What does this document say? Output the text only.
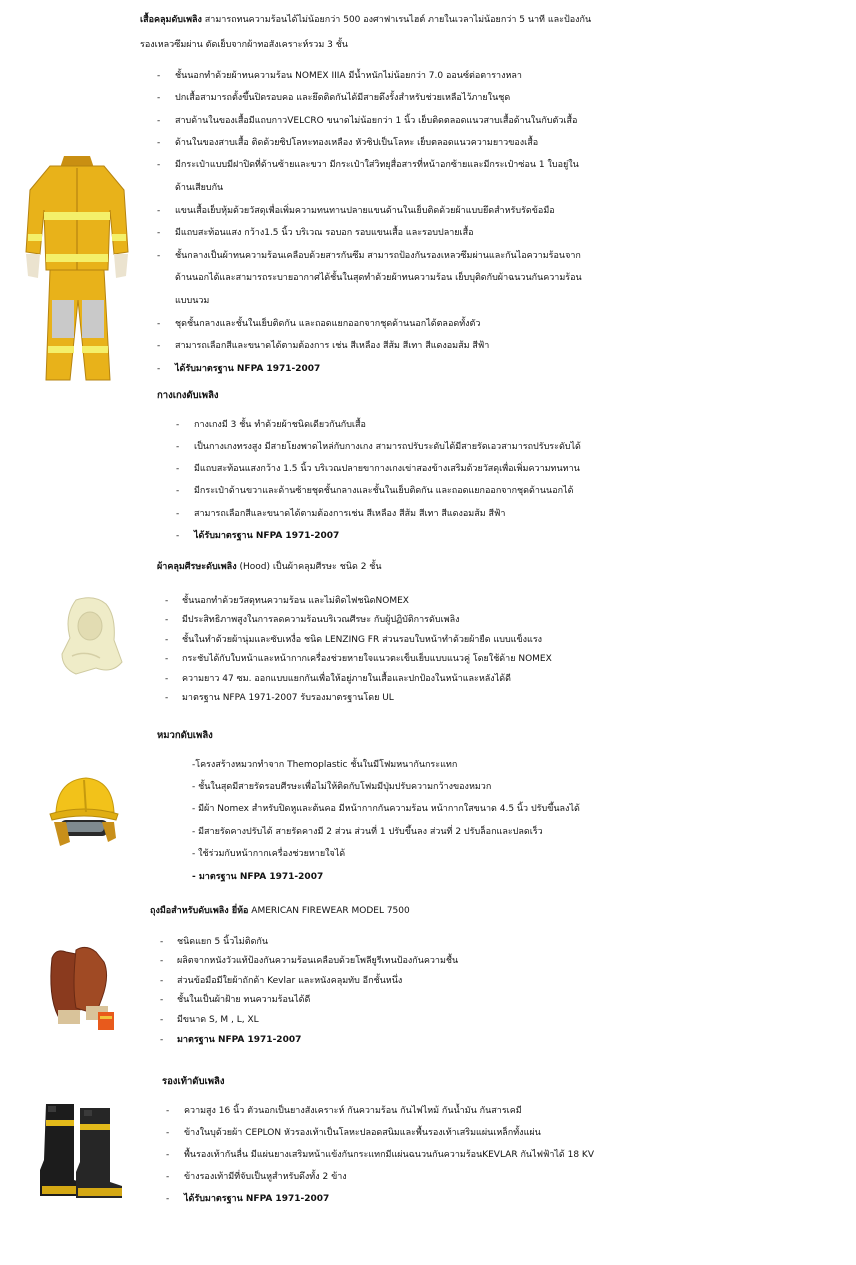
เสื้อคลุมดับเพลิง สามารถทนความร้อนได้ไม่น้อยกว่า 500 องศาฟาเรนไฮต์ ภายในเวลาไม่น้อยกว่า 5 นาที และป้องกัน
รองเหลวซึมผ่าน ตัดเย็บจากผ้าทอสังเคราะห์รวม 3 ชั้น
- ชั้นนอกทำด้วยผ้าทนความร้อน NOMEX IIIA มีน้ำหนักไม่น้อยกว่า 7.0 ออนซ์ต่อตารางหลา
- ปกเสื้อสามารถตั้งขึ้นปิดรอบคอ และยึดติดกันได้มีสายดึงรั้งสำหรับช่วยเหลือไว้ภายในชุด
- สาบด้านในของเสื้อมีแถบกาวVELCRO ขนาดไม่น้อยกว่า 1 นิ้ว เย็บติดตลอดแนวสาบเสื้อด้านในกับตัวเสื้อ
- ด้านในของสาบเสื้อ ติดด้วยซิปโลหะทองเหลือง หัวซิปเป็นโลหะ เย็บตลอดแนวความยาวของเสื้อ
- มีกระเป๋าแบบมีฝาปิดที่ด้านซ้ายและขวา มีกระเป๋าใส่วิทยุสื่อสารที่หน้าอกซ้ายและมีกระเป๋าซ่อน 1 ใบอยู่ใน
ด้านเสียบกัน
- แขนเสื้อเย็บหุ้มด้วยวัสดุเพื่อเพิ่มความทนทานปลายแขนด้านในเย็บติดด้วยผ้าแบบยึดสำหรับรัดข้อมือ
- มีแถบสะท้อนแสง กว้าง1.5 นิ้ว บริเวณ รอบอก รอบแขนเสื้อ และรอบปลายเสื้อ
- ชั้นกลางเป็นผ้าทนความร้อนเคลือบด้วยสารกันซึม สามารถป้องกันรองเหลวซึมผ่านและกันไอความร้อนจาก
ด้านนอกได้และสามารถระบายอากาศได้ชั้นในสุดทำด้วยผ้าทนความร้อน เย็บบุติดกับผ้าฉนวนกันความร้อน
แบบนวม
- ชุดชั้นกลางและชั้นในเย็บติดกัน และถอดแยกออกจากชุดด้านนอกได้ตลอดทั้งตัว
- สามารถเลือกสีและขนาดได้ตามต้องการ เช่น สีเหลือง สีส้ม สีเทา สีแดงอมส้ม สีฟ้า
- ได้รับมาตรฐาน NFPA 1971-2007
กางเกงดับเพลิง
- กางเกงมี 3 ชั้น ทำด้วยผ้าชนิดเดียวกันกับเสื้อ
- เป็นกางเกงทรงสูง มีสายโยงพาดไหล่กับกางเกง สามารถปรับระดับได้มีสายรัดเอวสามารถปรับระดับได้
- มีแถบสะท้อนแสงกว้าง 1.5 นิ้ว บริเวณปลายขากางเกงเข่าสองข้างเสริมด้วยวัสดุเพื่อเพิ่มความทนทาน
- มีกระเป๋าด้านขวาและด้านซ้ายชุดชั้นกลางและชั้นในเย็บติดกัน และถอดแยกออกจากชุดด้านนอกได้
- สามารถเลือกสีและขนาดได้ตามต้องการเช่น สีเหลือง สีส้ม สีเทา สีแดงอมส้ม สีฟ้า
- ได้รับมาตรฐาน NFPA 1971-2007
ผ้าคลุมศีรษะดับเพลิง (Hood) เป็นผ้าคลุมศีรษะ ชนิด 2 ชั้น
- ชั้นนอกทำด้วยวัสดุทนความร้อน และไม่ติดไฟชนิดNOMEX
- มีประสิทธิภาพสูงในการลดความร้อนบริเวณศีรษะ กับผู้ปฏิบัติการดับเพลิง
- ชั้นในทำด้วยผ้านุ่มและซับเหงื่อ ชนิด LENZING FR ส่วนรอบใบหน้าทำด้วยผ้ายืด แบบแข็งแรง
- กระชับได้กับใบหน้าและหน้ากากเครื่องช่วยหายใจแนวตะเข็บเย็บแบบแนวคู่ โดยใช้ด้าย NOMEX
- ความยาว 47 ซม. ออกแบบแยกกันเพื่อให้อยู่ภายในเสื้อและปกป้องในหน้าและหลังได้ดี
- มาตรฐาน NFPA 1971-2007 รับรองมาตรฐานโดย UL
หมวกดับเพลิง
-โครงสร้างหมวกทำจาก Themoplastic ชั้นในมีโฟมหนากันกระแทก
- ชั้นในสุดมีสายรัดรอบศีรษะเพื่อไม่ให้ติดกับโฟมมีปุ่มปรับความกว้างของหมวก
- มีผ้า Nomex สำหรับปิดหูและต้นคอ มีหน้ากากกันความร้อน หน้ากากใสขนาด 4.5 นิ้ว ปรับขึ้นลงได้
- มีสายรัดคางปรับได้ สายรัดคางมี 2 ส่วน ส่วนที่ 1 ปรับขึ้นลง ส่วนที่ 2 ปรับล็อกและปลดเร็ว
- ใช้ร่วมกับหน้ากากเครื่องช่วยหายใจได้
- มาตรฐาน NFPA 1971-2007
ถุงมือสำหรับดับเพลิง ยี่ห้อ AMERICAN FIREWEAR MODEL 7500
- ชนิดแยก 5 นิ้วไม่ติดกัน
- ผลิตจากหนังวัวแท้ป้องกันความร้อนเคลือบด้วยโพลียูรีเทนป้องกันความชื้น
- ส่วนข้อมือมีใยผ้าถักด้า Kevlar และหนังคลุมทับ อีกชั้นหนึ่ง
- ชั้นในเป็นผ้าฝ้าย ทนความร้อนได้ดี
- มีขนาด S, M , L, XL
- มาตรฐาน NFPA 1971-2007
รองเท้าดับเพลิง
- ความสูง 16 นิ้ว ตัวนอกเป็นยางสังเคราะห์ กันความร้อน กันไฟไหม้ กันน้ำมัน กันสารเคมี
- ข้างในบุด้วยผ้า CEPLON หัวรองเท้าเป็นโลหะปลอดสนิมและพื้นรองเท้าเสริมแผ่นเหล็กทั้งแผ่น
- พื้นรองเท้ากันลื่น มีแผ่นยางเสริมหน้าแข้งกันกระแทกมีแผ่นฉนวนกันความร้อนKEVLAR กันไฟฟ้าได้ 18 KV
- ข้างรองเท้ามีที่จับเป็นหูสำหรับดึงทั้ง 2 ข้าง
- ได้รับมาตรฐาน NFPA 1971-2007
